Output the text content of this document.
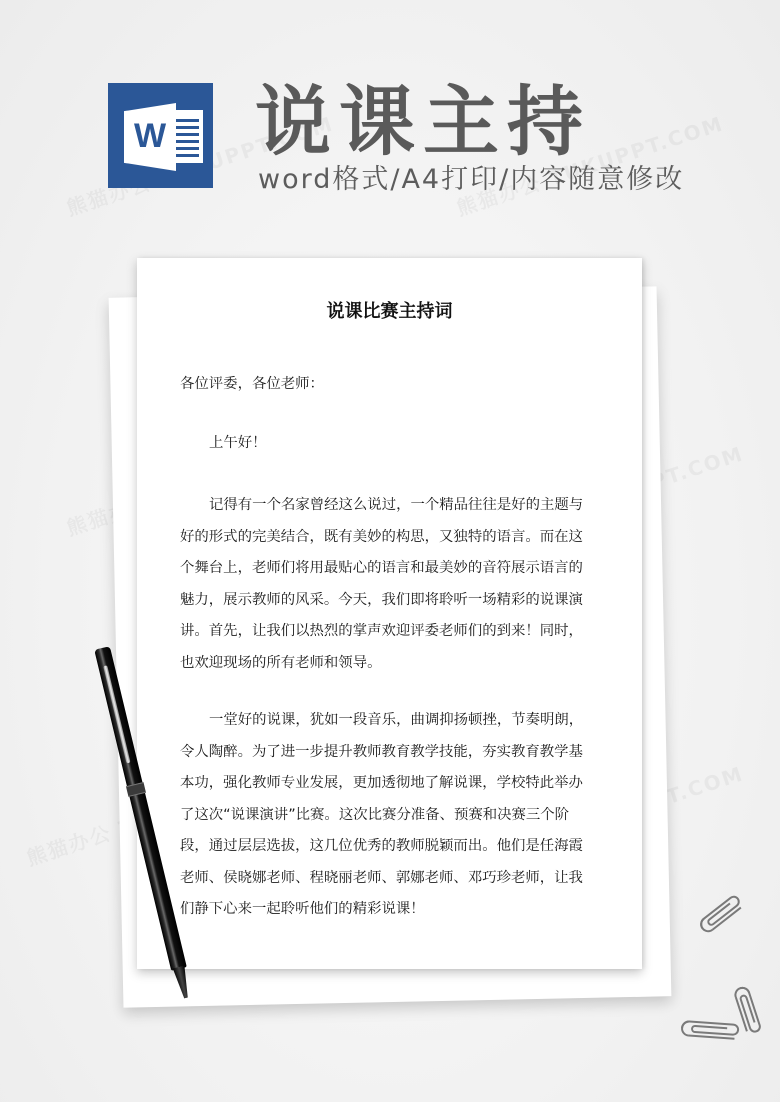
W 说课主持
word格式/A4打印/内容随意修改
说课比赛主持词
各位评委，各位老师：
上午好！
记得有一个名家曾经这么说过，一个精品往往是好的主题与好的形式的完美结合，既有美妙的构思，又独特的语言。而在这个舞台上，老师们将用最贴心的语言和最美妙的音符展示语言的魅力，展示教师的风采。今天，我们即将聆听一场精彩的说课演讲。首先，让我们以热烈的掌声欢迎评委老师们的到来！同时，也欢迎现场的所有老师和领导。
一堂好的说课，犹如一段音乐，曲调抑扬顿挫，节奏明朗，令人陶醉。为了进一步提升教师教育教学技能，夯实教育教学基本功，强化教师专业发展，更加透彻地了解说课，学校特此举办了这次“说课演讲”比赛。这次比赛分准备、预赛和决赛三个阶段，通过层层选拔，这几位优秀的教师脱颖而出。他们是任海霞老师、侯晓娜老师、程晓丽老师、郭娜老师、邓巧珍老师，让我们静下心来一起聆听他们的精彩说课！
